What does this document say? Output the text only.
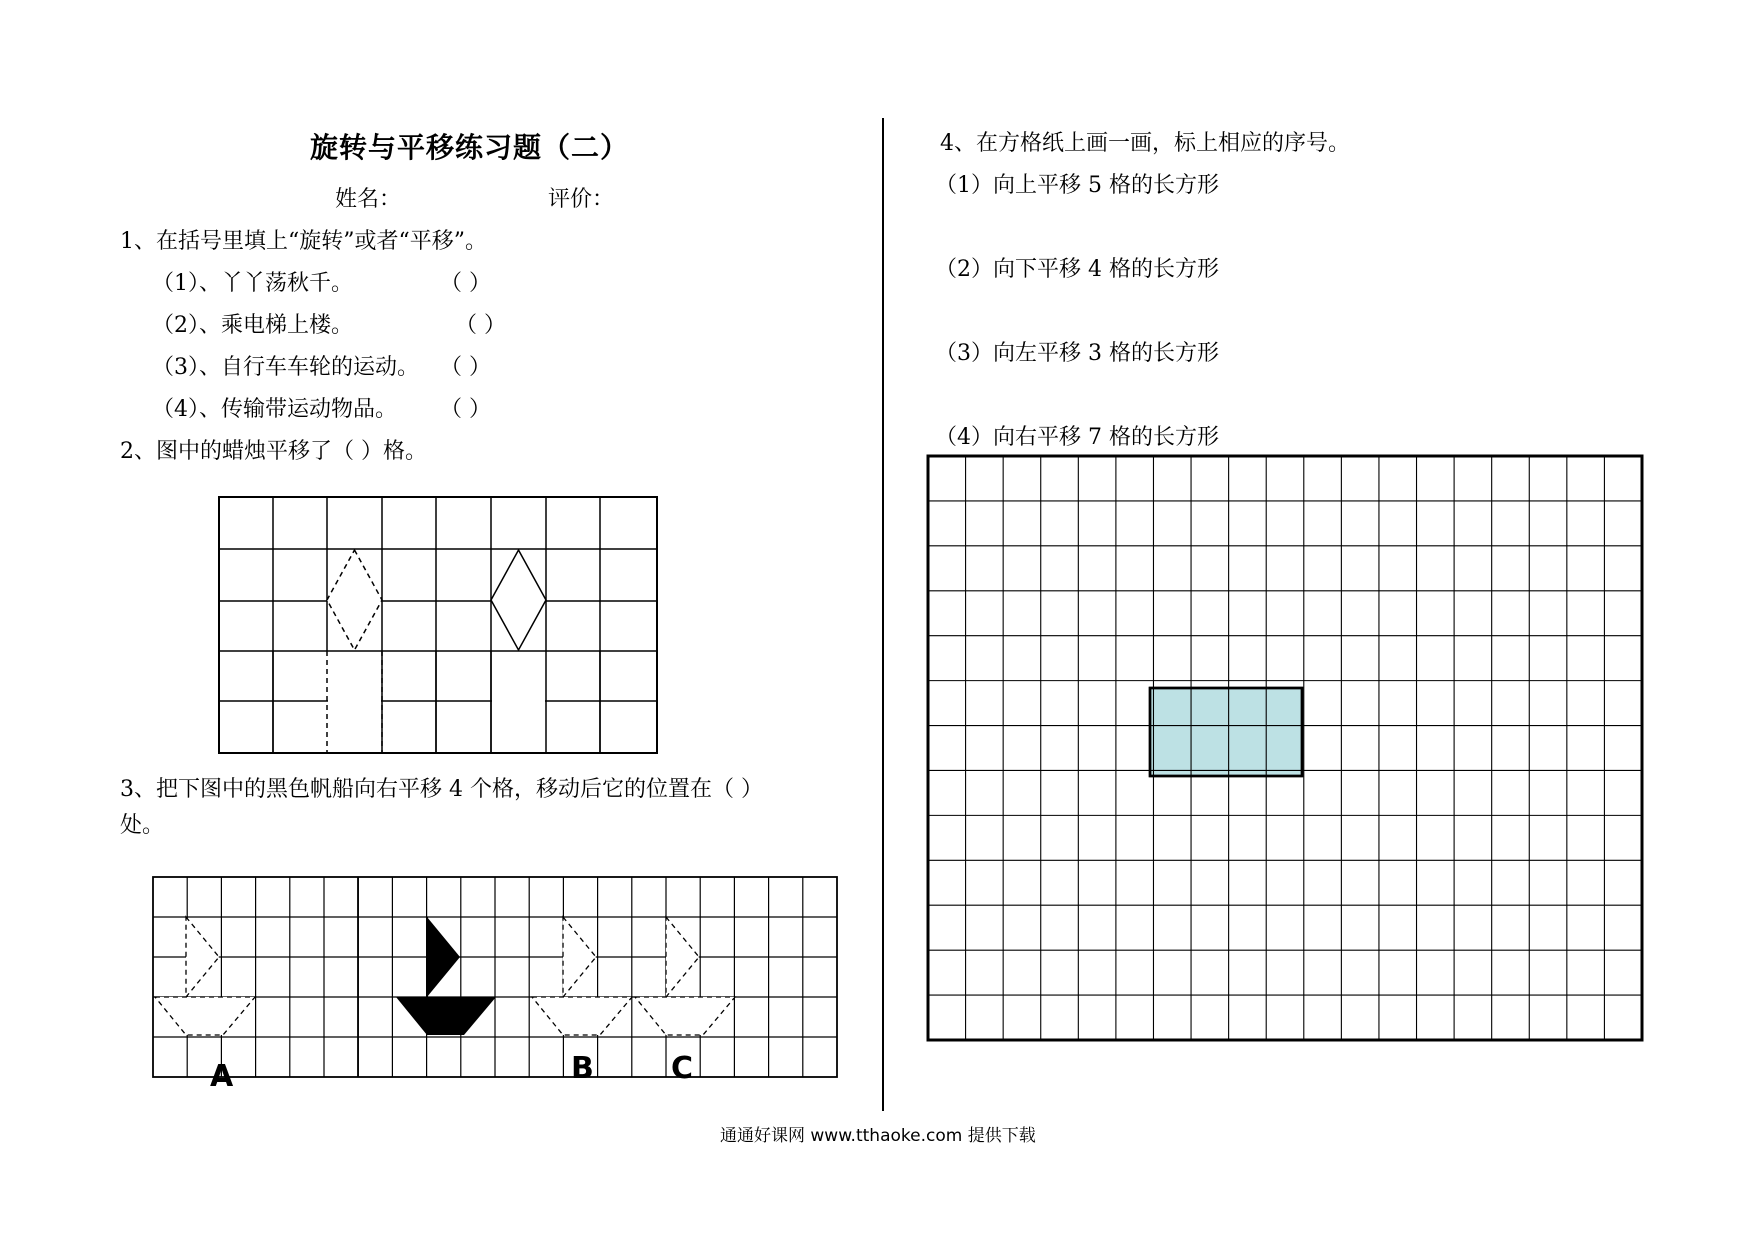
旋转与平移练习题（二）
姓名：	评价：
1、在括号里填上“旋转”或者“平移”。
（1）、丫丫荡秋千。	（ ）
（2）、乘电梯上楼。	（ ）
（3）、自行车车轮的运动。 （ ）
（4）、传输带运动物品。 （ ）
2、图中的蜡烛平移了（ ）格。
3、把下图中的黑色帆船向右平移 4 个格，移动后它的位置在（ ）
处。
A	B	C
4、在方格纸上画一画，标上相应的序号。
（1）向上平移 5 格的长方形
（2）向下平移 4 格的长方形
（3）向左平移 3 格的长方形
（4）向右平移 7 格的长方形
通通好课网 www.tthaoke.com 提供下载
